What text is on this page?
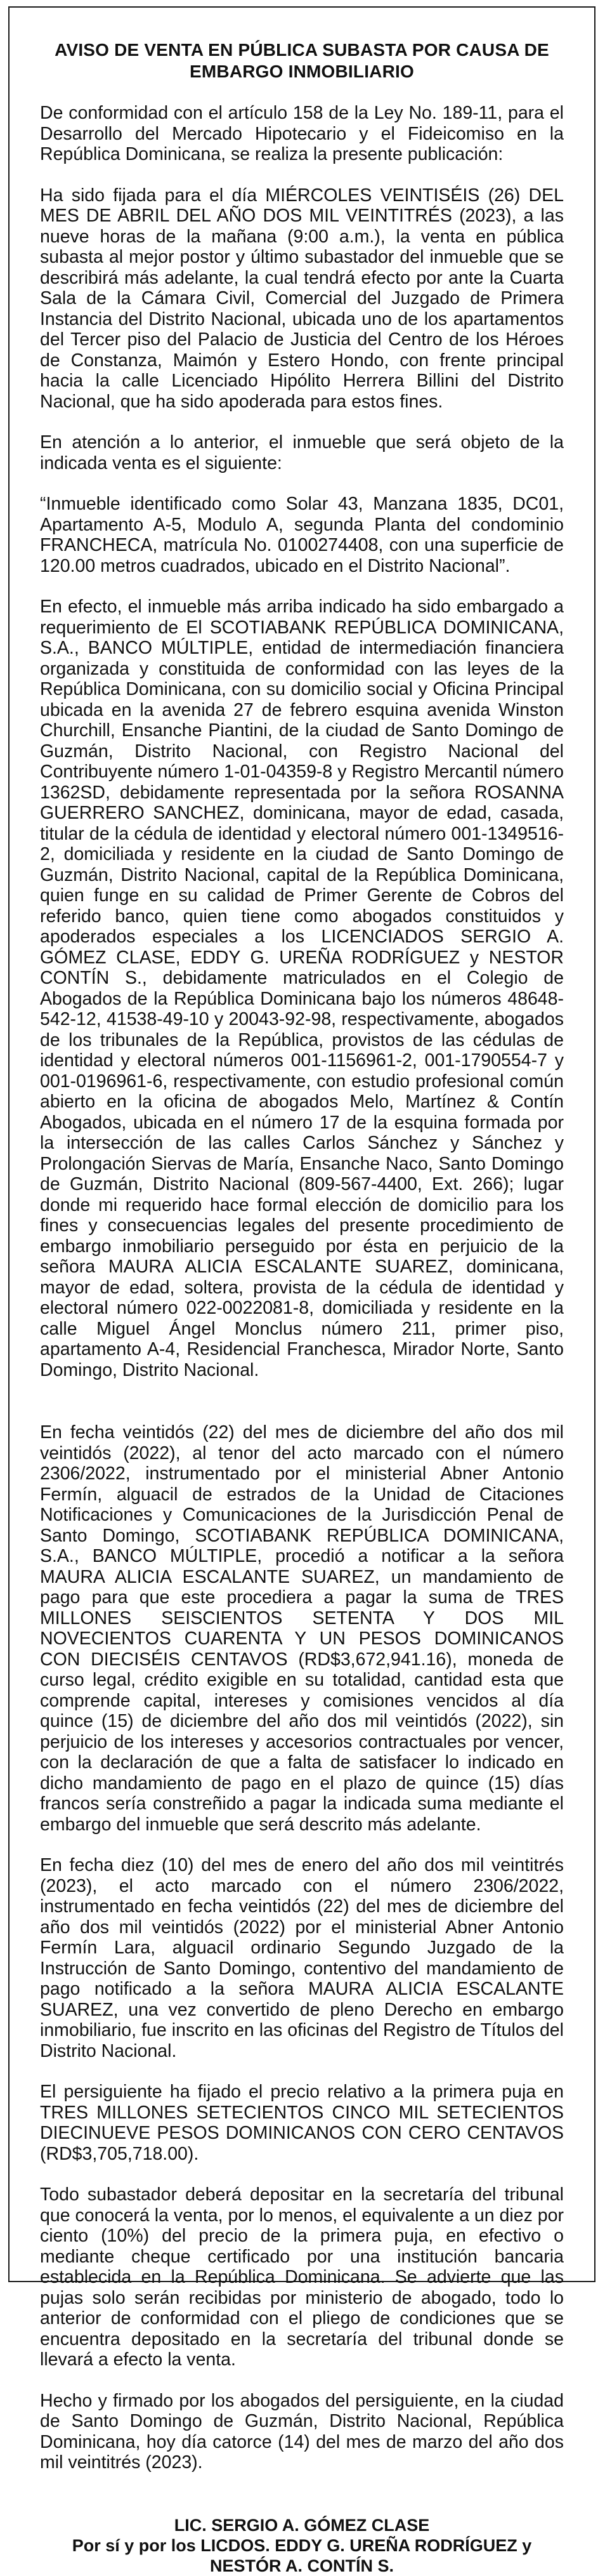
AVISO DE VENTA EN PÚBLICA SUBASTA POR CAUSA DE EMBARGO INMOBILIARIO

De conformidad con el artículo 158 de la Ley No. 189-11, para el Desarrollo del Mercado Hipotecario y el Fideicomiso en la República Dominicana, se realiza la presente publicación:

Ha sido fijada para el día MIÉRCOLES VEINTISÉIS (26) DEL MES DE ABRIL DEL AÑO DOS MIL VEINTITRÉS (2023), a las nueve horas de la mañana (9:00 a.m.), la venta en pública subasta al mejor postor y último subastador del inmueble que se describirá más adelante, la cual tendrá efecto por ante la Cuarta Sala de la Cámara Civil, Comercial del Juzgado de Primera Instancia del Distrito Nacional, ubicada uno de los apartamentos del Tercer piso del Palacio de Justicia del Centro de los Héroes de Constanza, Maimón y Estero Hondo, con frente principal hacia la calle Licenciado Hipólito Herrera Billini del Distrito Nacional, que ha sido apoderada para estos fines.

En atención a lo anterior, el inmueble que será objeto de la indicada venta es el siguiente:

“Inmueble identificado como Solar 43, Manzana 1835, DC01, Apartamento A-5, Modulo A, segunda Planta del condominio FRANCHECA, matrícula No. 0100274408, con una superficie de 120.00 metros cuadrados, ubicado en el Distrito Nacional”.

En efecto, el inmueble más arriba indicado ha sido embargado a requerimiento de El SCOTIABANK REPÚBLICA DOMINICANA, S.A., BANCO MÚLTIPLE, entidad de intermediación financiera organizada y constituida de conformidad con las leyes de la República Dominicana, con su domicilio social y Oficina Principal ubicada en la avenida 27 de febrero esquina avenida Winston Churchill, Ensanche Piantini, de la ciudad de Santo Domingo de Guzmán, Distrito Nacional, con Registro Nacional del Contribuyente número 1-01-04359-8 y Registro Mercantil número 1362SD, debidamente representada por la señora ROSANNA GUERRERO SANCHEZ, dominicana, mayor de edad, casada, titular de la cédula de identidad y electoral número 001-1349516-2, domiciliada y residente en la ciudad de Santo Domingo de Guzmán, Distrito Nacional, capital de la República Dominicana, quien funge en su calidad de Primer Gerente de Cobros del referido banco, quien tiene como abogados constituidos y apoderados especiales a los LICENCIADOS SERGIO A. GÓMEZ CLASE, EDDY G. UREÑA RODRÍGUEZ y NESTOR CONTÍN S., debidamente matriculados en el Colegio de Abogados de la República Dominicana bajo los números 48648-542-12, 41538-49-10 y 20043-92-98, respectivamente, abogados de los tribunales de la República, provistos de las cédulas de identidad y electoral números 001-1156961-2, 001-1790554-7 y 001-0196961-6, respectivamente, con estudio profesional común abierto en la oficina de abogados Melo, Martínez & Contín Abogados, ubicada en el número 17 de la esquina formada por la intersección de las calles Carlos Sánchez y Sánchez y Prolongación Siervas de María, Ensanche Naco, Santo Domingo de Guzmán, Distrito Nacional (809-567-4400, Ext. 266); lugar donde mi requerido hace formal elección de domicilio para los fines y consecuencias legales del presente procedimiento de embargo inmobiliario perseguido por ésta en perjuicio de la señora MAURA ALICIA ESCALANTE SUAREZ, dominicana, mayor de edad, soltera, provista de la cédula de identidad y electoral número 022-0022081-8, domiciliada y residente en la calle Miguel Ángel Monclus número 211, primer piso, apartamento A-4, Residencial Franchesca, Mirador Norte, Santo Domingo, Distrito Nacional.

En fecha veintidós (22) del mes de diciembre del año dos mil veintidós (2022), al tenor del acto marcado con el número 2306/2022, instrumentado por el ministerial Abner Antonio Fermín, alguacil de estrados de la Unidad de Citaciones Notificaciones y Comunicaciones de la Jurisdicción Penal de Santo Domingo, SCOTIABANK REPÚBLICA DOMINICANA, S.A., BANCO MÚLTIPLE, procedió a notificar a la señora MAURA ALICIA ESCALANTE SUAREZ, un mandamiento de pago para que este procediera a pagar la suma de TRES MILLONES SEISCIENTOS SETENTA Y DOS MIL NOVECIENTOS CUARENTA Y UN PESOS DOMINICANOS CON DIECISÉIS CENTAVOS (RD$3,672,941.16), moneda de curso legal, crédito exigible en su totalidad, cantidad esta que comprende capital, intereses y comisiones vencidos al día quince (15) de diciembre del año dos mil veintidós (2022), sin perjuicio de los intereses y accesorios contractuales por vencer, con la declaración de que a falta de satisfacer lo indicado en dicho mandamiento de pago en el plazo de quince (15) días francos sería constreñido a pagar la indicada suma mediante el embargo del inmueble que será descrito más adelante.

En fecha diez (10) del mes de enero del año dos mil veintitrés (2023), el acto marcado con el número 2306/2022, instrumentado en fecha veintidós (22) del mes de diciembre del año dos mil veintidós (2022) por el ministerial Abner Antonio Fermín Lara, alguacil ordinario Segundo Juzgado de la Instrucción de Santo Domingo, contentivo del mandamiento de pago notificado a la señora MAURA ALICIA ESCALANTE SUAREZ, una vez convertido de pleno Derecho en embargo inmobiliario, fue inscrito en las oficinas del Registro de Títulos del Distrito Nacional.

El persiguiente ha fijado el precio relativo a la primera puja en TRES MILLONES SETECIENTOS CINCO MIL SETECIENTOS DIECINUEVE PESOS DOMINICANOS CON CERO CENTAVOS (RD$3,705,718.00).

Todo subastador deberá depositar en la secretaría del tribunal que conocerá la venta, por lo menos, el equivalente a un diez por ciento (10%) del precio de la primera puja, en efectivo o mediante cheque certificado por una institución bancaria establecida en la República Dominicana. Se advierte que las pujas solo serán recibidas por ministerio de abogado, todo lo anterior de conformidad con el pliego de condiciones que se encuentra depositado en la secretaría del tribunal donde se llevará a efecto la venta.

Hecho y firmado por los abogados del persiguiente, en la ciudad de Santo Domingo de Guzmán, Distrito Nacional, República Dominicana, hoy día catorce (14) del mes de marzo del año dos mil veintitrés (2023).

LIC. SERGIO A. GÓMEZ CLASE
Por sí y por los LICDOS. EDDY G. UREÑA RODRÍGUEZ y
NESTÓR A. CONTÍN S.
